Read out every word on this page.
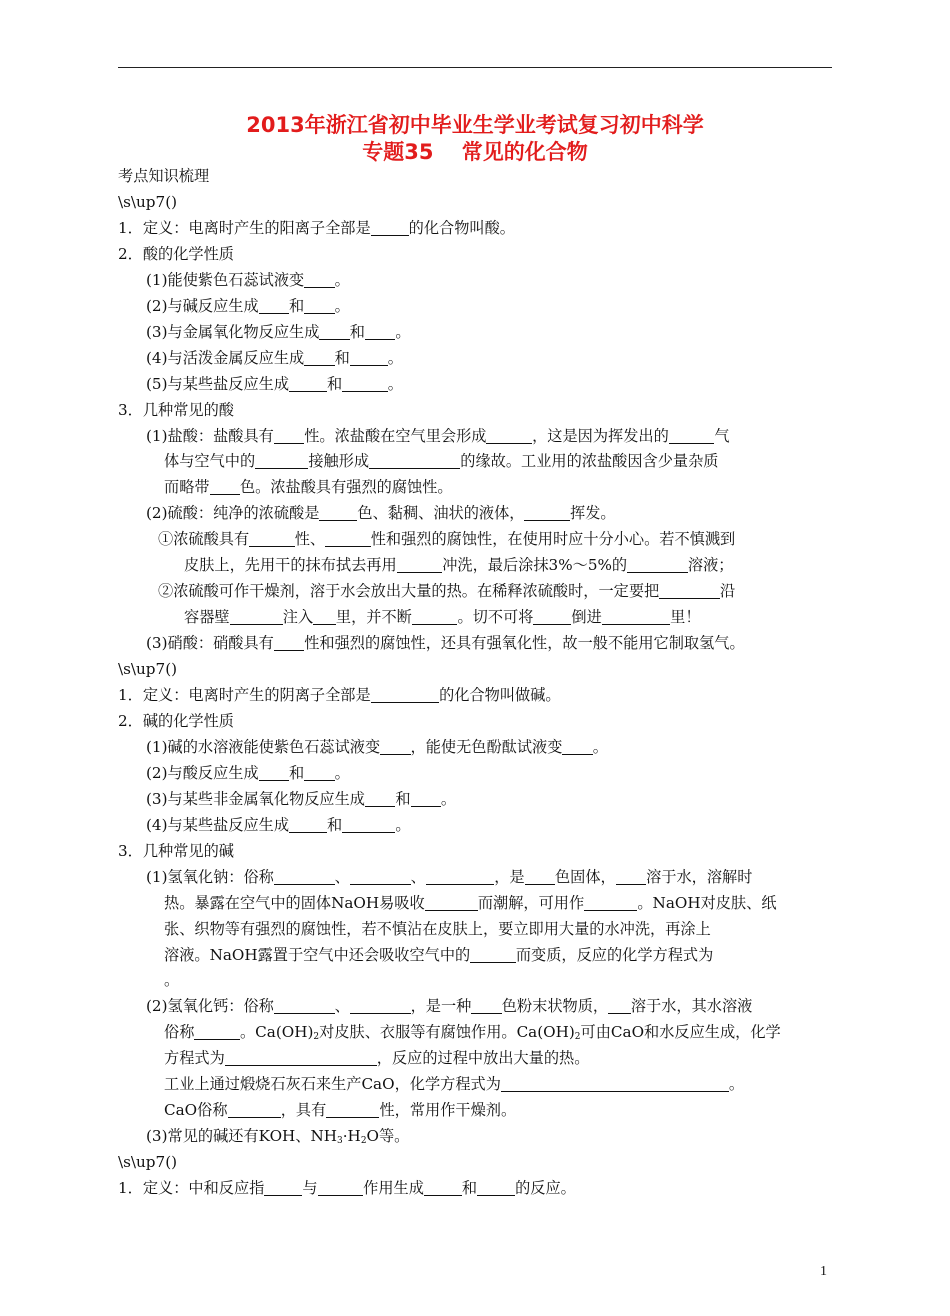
2013年浙江省初中毕业生学业考试复习初中科学
专题35　 常见的化合物
考点知识梳理
\s\up7()
1．定义：电离时产生的阳离子全部是	的化合物叫酸。
2．酸的化学性质
(1)能使紫色石蕊试液变 。
(2)与碱反应生成 和 。
(3)与金属氧化物反应生成 和 。
(4)与活泼金属反应生成 和	。
(5)与某些盐反应生成	和	。
3．几种常见的酸
(1)盐酸：盐酸具有 性。浓盐酸在空气里会形成	，这是因为挥发出的	气
体与空气中的	接触形成	的缘故。工业用的浓盐酸因含少量杂质
而略带 色。浓盐酸具有强烈的腐蚀性。
(2)硫酸：纯净的浓硫酸是	色、黏稠、油状的液体，	挥发。
①浓硫酸具有	性、	性和强烈的腐蚀性，在使用时应十分小心。若不慎溅到
皮肤上，先用干的抹布拭去再用	冲洗，最后涂抹3%～5%的	溶液；
②浓硫酸可作干燥剂，溶于水会放出大量的热。在稀释浓硫酸时，一定要把	沿
容器壁	注入 里，并不断	。切不可将	倒进	里！
(3)硝酸：硝酸具有 性和强烈的腐蚀性，还具有强氧化性，故一般不能用它制取氢气。
\s\up7()
1．定义：电离时产生的阴离子全部是	的化合物叫做碱。
2．碱的化学性质
(1)碱的水溶液能使紫色石蕊试液变 ，能使无色酚酞试液变 。
(2)与酸反应生成 和 。
(3)与某些非金属氧化物反应生成 和 。
(4)与某些盐反应生成	和	。
3．几种常见的碱
(1)氢氧化钠：俗称	、	、	，是 色固体， 溶于水，溶解时
热。暴露在空气中的固体NaOH易吸收	而潮解，可用作	。NaOH对皮肤、纸
张、织物等有强烈的腐蚀性，若不慎沾在皮肤上，要立即用大量的水冲洗，再涂上
溶液。NaOH露置于空气中还会吸收空气中的	而变质，反应的化学方程式为
。
(2)氢氧化钙：俗称	、	，是一种 色粉末状物质， 溶于水，其水溶液
俗称	。$Ca(OH)_2$对皮肤、衣服等有腐蚀作用。$Ca(OH)_2$可由CaO和水反应生成，化学
方程式为	，反应的过程中放出大量的热。
工业上通过煅烧石灰石来生产CaO，化学方程式为	。
CaO俗称	，具有	性，常用作干燥剂。
(3)常见的碱还有KOH、$NH_3\cdot H_2O$等。
\s\up7()
1．定义：中和反应指	与	作用生成	和	的反应。
1
